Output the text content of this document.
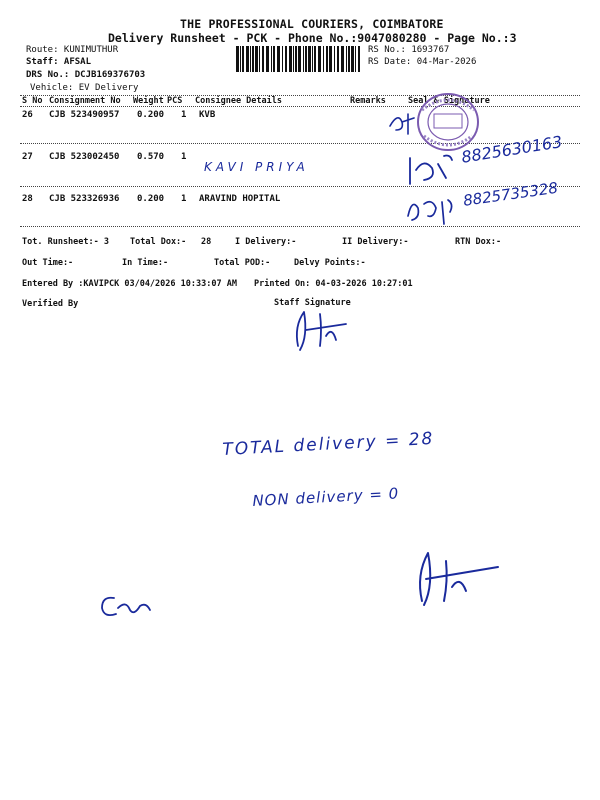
THE PROFESSIONAL COURIERS, COIMBATORE
Delivery Runsheet - PCK - Phone No.:9047080280 - Page No.:3
Route: KUNIMUTHUR
Staff: AFSAL
DRS No.: DCJB169376703
Vehicle: EV Delivery
RS No.: 1693767
RS Date: 04-Mar-2026
S No Consignment No Weight PCS Consignee Details	Remarks	Seal & Signature
26 CJB 523490957 0.200 1 KVB
27 CJB 523002450 0.570 1
28 CJB 523326936 0.200 1 ARAVIND HOPITAL
Tot. Runsheet:- 3 Total Dox:- 28	I Delivery:-	II Delivery:-	RTN Dox:-
Out Time:-	In Time:-	Total POD:-	Delvy Points:-
Entered By :KAVIPCK 03/04/2026 10:33:07 AM Printed On: 04-03-2026 10:27:01
Verified By	Staff Signature
KAVI PRIYA
8825630163
8825735328
TOTAL delivery = 28
NON delivery = 0
